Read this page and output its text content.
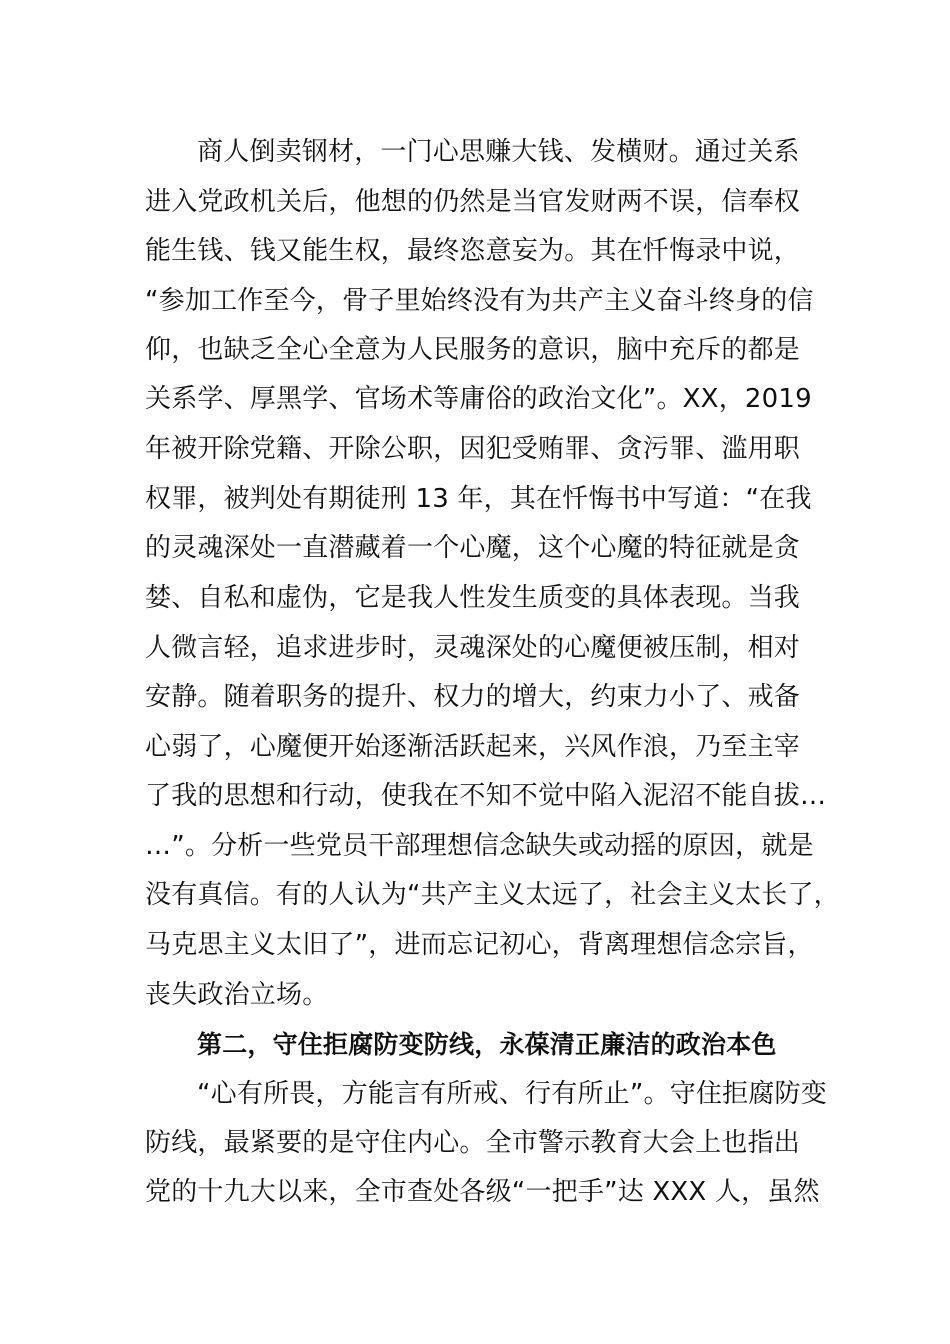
商人倒卖钢材，一门心思赚大钱、发横财。通过关系
进入党政机关后，他想的仍然是当官发财两不误，信奉权
能生钱、钱又能生权，最终恣意妄为。其在忏悔录中说，
“参加工作至今，骨子里始终没有为共产主义奋斗终身的信
仰，也缺乏全心全意为人民服务的意识，脑中充斥的都是
关系学、厚黑学、官场术等庸俗的政治文化”。XX，2019
年被开除党籍、开除公职，因犯受贿罪、贪污罪、滥用职
权罪，被判处有期徒刑 13 年，其在忏悔书中写道：“在我
的灵魂深处一直潜藏着一个心魔，这个心魔的特征就是贪
婪、自私和虚伪，它是我人性发生质变的具体表现。当我
人微言轻，追求进步时，灵魂深处的心魔便被压制，相对
安静。随着职务的提升、权力的增大，约束力小了、戒备
心弱了，心魔便开始逐渐活跃起来，兴风作浪，乃至主宰
了我的思想和行动，使我在不知不觉中陷入泥沼不能自拔…
…”。分析一些党员干部理想信念缺失或动摇的原因，就是
没有真信。有的人认为“共产主义太远了，社会主义太长了，
马克思主义太旧了”，进而忘记初心，背离理想信念宗旨，
丧失政治立场。
第二，守住拒腐防变防线，永葆清正廉洁的政治本色
“心有所畏，方能言有所戒、行有所止”。守住拒腐防变
防线，最紧要的是守住内心。全市警示教育大会上也指出
党的十九大以来，全市查处各级“一把手”达 XXX 人，虽然
